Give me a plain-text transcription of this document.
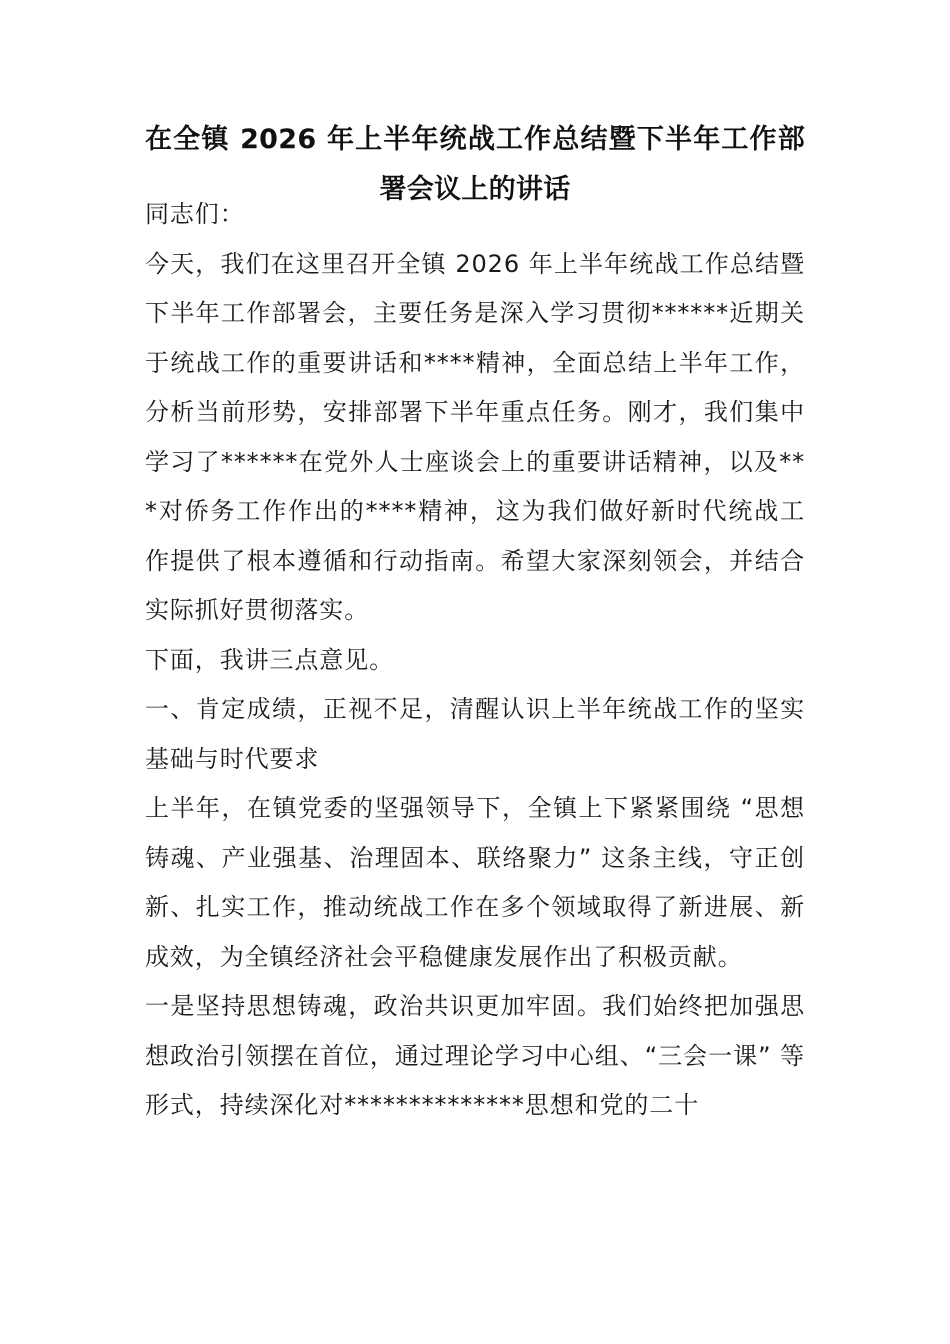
在全镇 2026 年上半年统战工作总结暨下半年工作部署会议上的讲话

同志们：

今天，我们在这里召开全镇 2026 年上半年统战工作总结暨下半年工作部署会，主要任务是深入学习贯彻******近期关于统战工作的重要讲话和****精神，全面总结上半年工作，分析当前形势，安排部署下半年重点任务。刚才，我们集中学习了******在党外人士座谈会上的重要讲话精神，以及***对侨务工作作出的****精神，这为我们做好新时代统战工作提供了根本遵循和行动指南。希望大家深刻领会，并结合实际抓好贯彻落实。

下面，我讲三点意见。

一、肯定成绩，正视不足，清醒认识上半年统战工作的坚实基础与时代要求

上半年，在镇党委的坚强领导下，全镇上下紧紧围绕 “思想铸魂、产业强基、治理固本、联络聚力” 这条主线，守正创新、扎实工作，推动统战工作在多个领域取得了新进展、新成效，为全镇经济社会平稳健康发展作出了积极贡献。

一是坚持思想铸魂，政治共识更加牢固。我们始终把加强思想政治引领摆在首位，通过理论学习中心组、“三会一课” 等形式，持续深化对**************思想和党的二十
